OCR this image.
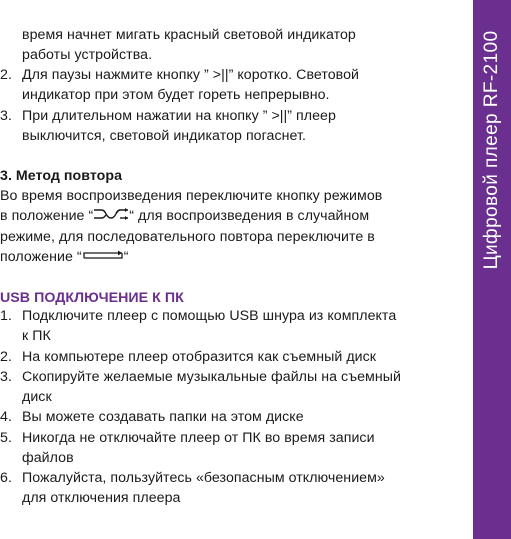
время начнет мигать красный световой индикатор
работы устройства.
2. Для паузы нажмите кнопку ” >||” коротко. Световой
индикатор при этом будет гореть непрерывно.
3. При длительном нажатии на кнопку ” >||” плеер
выключится, световой индикатор погаснет.
3. Метод повтора
Во время воспроизведения переключите кнопку режимов
в положение “	“ для воспроизведения в случайном
режиме, для последовательного повтора переключите в
положение “	“
USB ПОДКЛЮЧЕНИЕ К ПК
1. Подключите плеер с помощью USB шнура из комплекта
к ПК
2. На компьютере плеер отобразится как съемный диск
3. Скопируйте желаемые музыкальные файлы на съемный
диск
4. Вы можете создавать папки на этом диске
5. Никогда не отключайте плеер от ПК во время записи
файлов
6. Пожалуйста, пользуйтесь «безопасным отключением»
для отключения плеера
Цифровой плеер RF-2100
